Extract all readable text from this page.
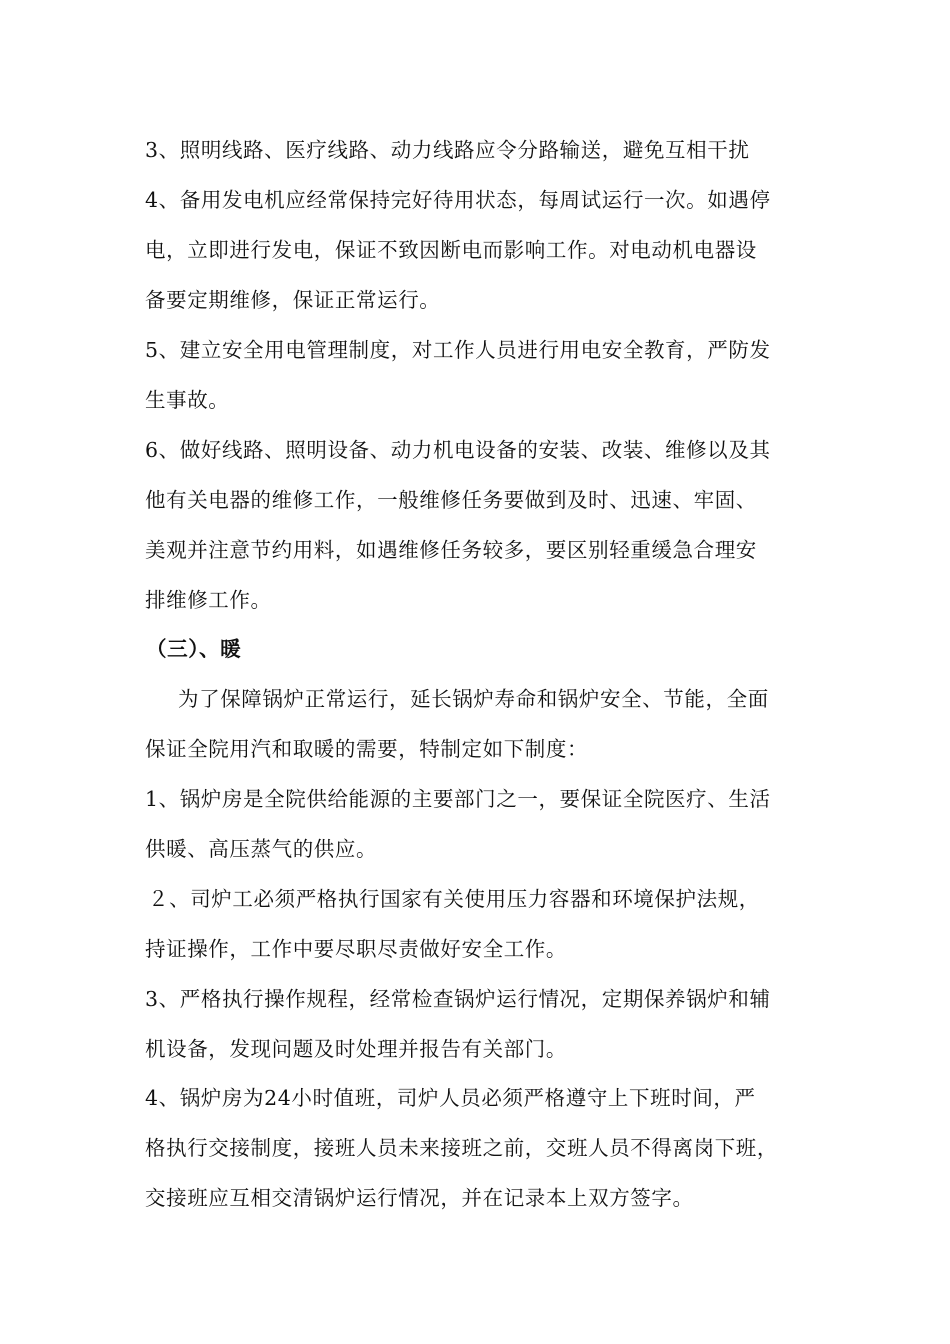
3、照明线路、医疗线路、动力线路应令分路输送，避免互相干扰
4、备用发电机应经常保持完好待用状态，每周试运行一次。如遇停
电，立即进行发电，保证不致因断电而影响工作。对电动机电器设
备要定期维修，保证正常运行。
5、建立安全用电管理制度，对工作人员进行用电安全教育，严防发
生事故。
6、做好线路、照明设备、动力机电设备的安装、改装、维修以及其
他有关电器的维修工作，一般维修任务要做到及时、迅速、牢固、
美观并注意节约用料，如遇维修任务较多，要区别轻重缓急合理安
排维修工作。
（三）、暖
为了保障锅炉正常运行，延长锅炉寿命和锅炉安全、节能，全面
保证全院用汽和取暖的需要，特制定如下制度：
1、锅炉房是全院供给能源的主要部门之一，要保证全院医疗、生活
供暖、高压蒸气的供应。
２、司炉工必须严格执行国家有关使用压力容器和环境保护法规，
持证操作，工作中要尽职尽责做好安全工作。
3、严格执行操作规程，经常检查锅炉运行情况，定期保养锅炉和辅
机设备，发现问题及时处理并报告有关部门。
4、锅炉房为24小时值班，司炉人员必须严格遵守上下班时间，严
格执行交接制度，接班人员未来接班之前，交班人员不得离岗下班，
交接班应互相交清锅炉运行情况，并在记录本上双方签字。
